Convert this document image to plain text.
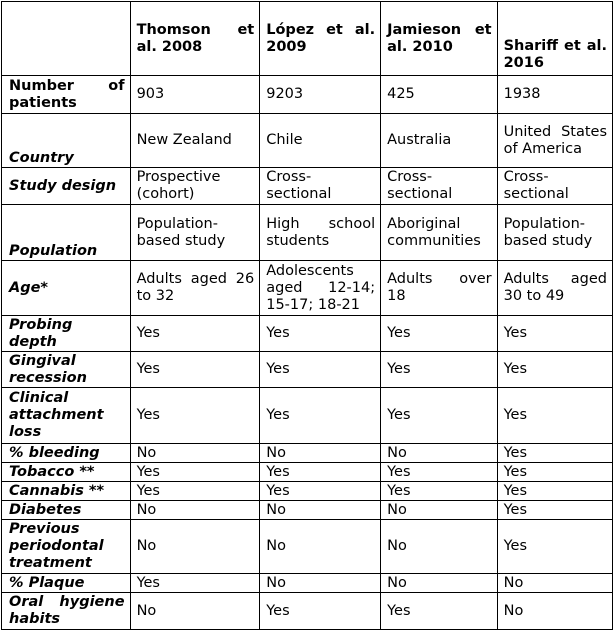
	Thomson et al. 2008	López et al. 2009	Jamieson et al. 2010	Shariff et al. 2016

Number of patients	903	9203	425	1938
Country	New Zealand	Chile	Australia	United States of America
Study design	Prospective (cohort)	Cross-sectional	Cross-sectional	Cross-sectional
Population	Population-based study	High school students	Aboriginal communities	Population-based study
Age*	Adults aged 26 to 32	Adolescents aged 12-14; 15-17; 18-21	Adults over 18	Adults aged 30 to 49
Probing depth	Yes	Yes	Yes	Yes
Gingival recession	Yes	Yes	Yes	Yes
Clinical attachment loss	Yes	Yes	Yes	Yes
% bleeding	No	No	No	Yes
Tobacco **	Yes	Yes	Yes	Yes
Cannabis **	Yes	Yes	Yes	Yes
Diabetes	No	No	No	Yes
Previous periodontal treatment	No	No	No	Yes
% Plaque	Yes	No	No	No
Oral hygiene habits	No	Yes	Yes	No
